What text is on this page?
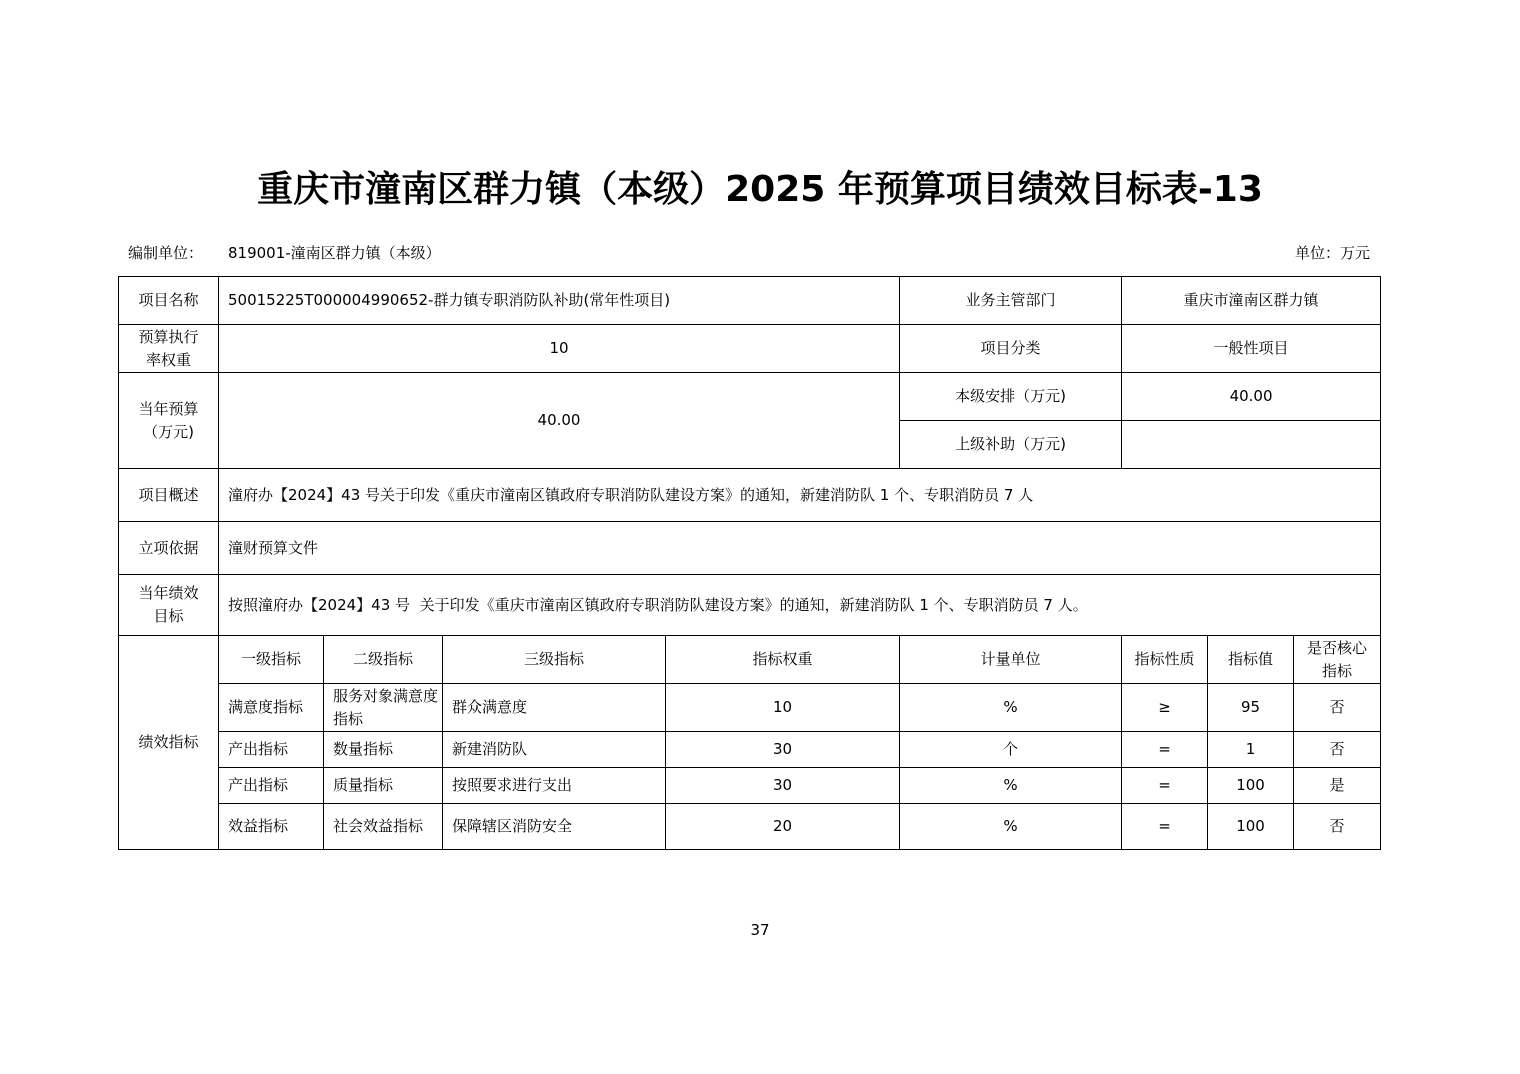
重庆市潼南区群力镇（本级）2025 年预算项目绩效目标表-13
编制单位： 819001-潼南区群力镇（本级）	单位：万元
项目名称	50015225T000004990652-群力镇专职消防队补助(常年性项目)				业务主管部门	重庆市潼南区群力镇		
预算执行率权重	10				项目分类	一般性项目		
当年预算（万元)	40.00				本级安排（万元)	40.00		
					上级补助（万元)			
项目概述	潼府办【2024】43 号关于印发《重庆市潼南区镇政府专职消防队建设方案》的通知，新建消防队 1 个、专职消防员 7 人							
立项依据	潼财预算文件							
当年绩效目标	按照潼府办【2024】43 号  关于印发《重庆市潼南区镇政府专职消防队建设方案》的通知，新建消防队 1 个、专职消防员 7 人。							
绩效指标	一级指标	二级指标	三级指标	指标权重	计量单位	指标性质	指标值	是否核心指标
	满意度指标	服务对象满意度指标	群众满意度	10	%	≥	95	否
	产出指标	数量指标	新建消防队	30	个	=	1	否
	产出指标	质量指标	按照要求进行支出	30	%	=	100	是
	效益指标	社会效益指标	保障辖区消防安全	20	%	=	100	否
37
